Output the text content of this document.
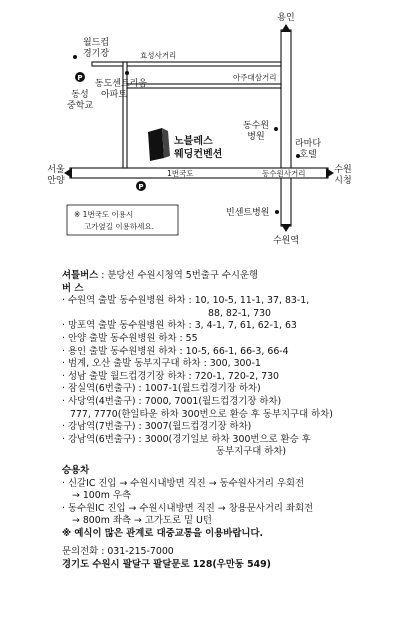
P
P
용인
월드컵
경기장	효성사거리
동성
중학교
동도센트리움
아파트
아주대삼거리
동수원
병원
노블레스
웨딩컨벤션
라마다
호텔
서울
안양
수원
시청
1번국도	동수원사거리
빈센트병원
수원역
※ 1번국도 이용시
고가옆길 이용하세요.
셔틀버스 : 분당선 수원시청역 5번출구 수시운행
버 스
· 수원역 출발 동수원병원 하차 : 10, 10-5, 11-1, 37, 83-1,
88, 82-1, 730
· 망포역 출발 동수원병원 하차 : 3, 4-1, 7, 61, 62-1, 63
· 안양 출발 동수원병원 하차 : 55
· 용인 출발 동수원병원 하차 : 10-5, 66-1, 66-3, 66-4
· 범계, 오산 출발 동부지구대 하차 : 300, 300-1
· 성남 출발 월드컵경기장 하차 : 720-1, 720-2, 730
· 잠실역(6번출구) : 1007-1(월드컵경기장 하차)
· 사당역(4번출구) : 7000, 7001(월드컵경기장 하차)
777, 7770(한일타운 하차 300번으로 환승 후 동부지구대 하차)
· 강남역(7번출구) : 3007(월드컵경기장 하차)
· 강남역(6번출구) : 3000(경기일보 하차 300번으로 환승 후
동부지구대 하차)
승용차
· 신갈IC 진입 → 수원시내방면 직진 → 동수원사거리 우회전
→ 100m 우측
· 동수원IC 진입 → 수원시내방면 직진 → 창용문사거리 좌회전
→ 800m 좌측 → 고가도로 밑 U턴
※ 예식이 많은 관계로 대중교통을 이용바랍니다.
문의전화 : 031-215-7000
경기도 수원시 팔달구 팔달문로 128(우만동 549)
